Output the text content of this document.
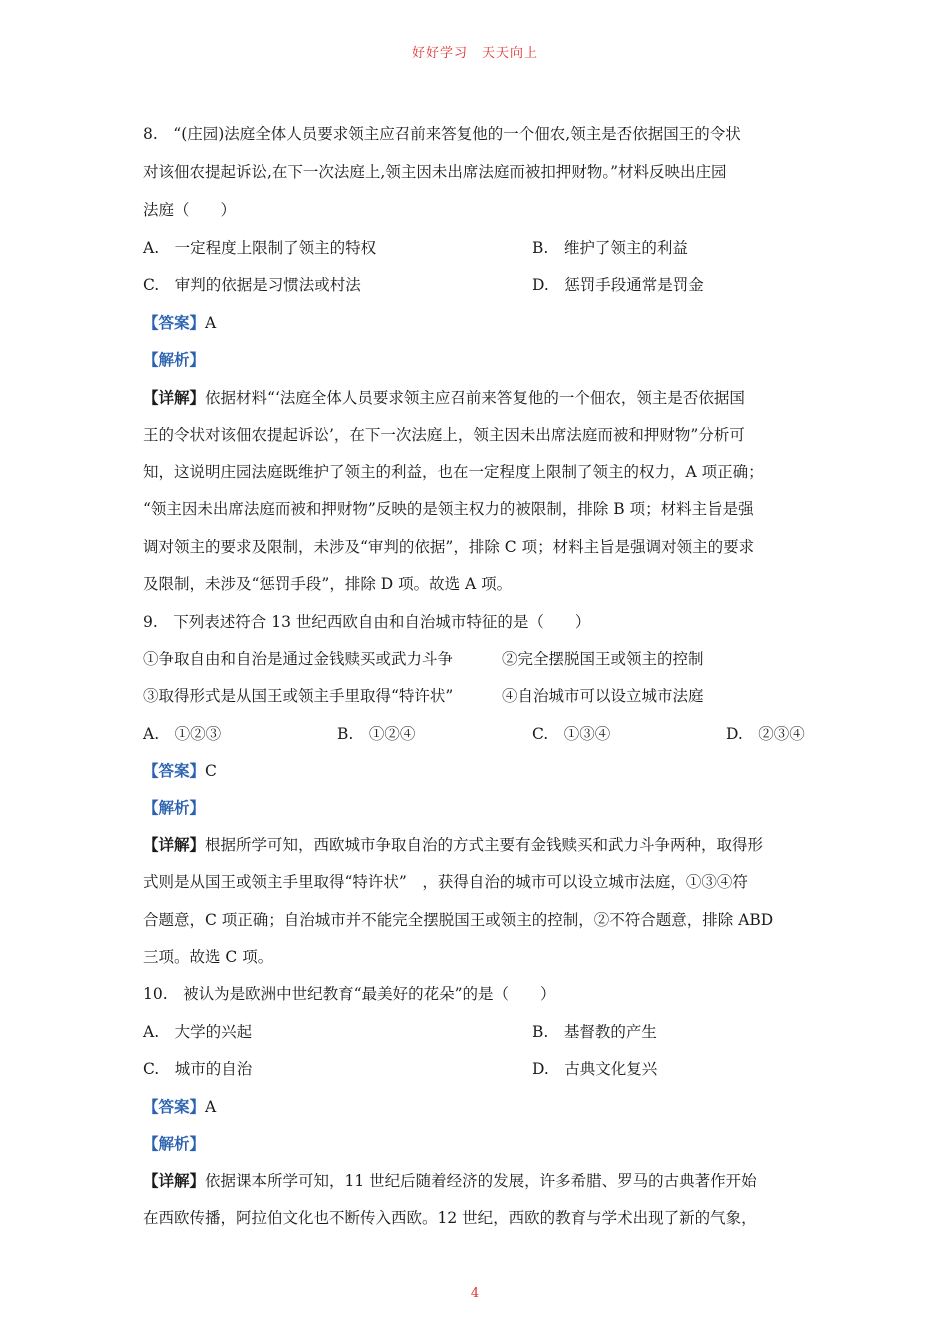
好好学习　天天向上
8.　“(庄园)法庭全体人员要求领主应召前来答复他的一个佃农,领主是否依据国王的令状
对该佃农提起诉讼,在下一次法庭上,领主因未出席法庭而被扣押财物。”材料反映出庄园
法庭（　　）
A.　一定程度上限制了领主的特权	B.　维护了领主的利益
C.　审判的依据是习惯法或村法	D.　惩罚手段通常是罚金
【答案】A
【解析】
【详解】依据材料“‘法庭全体人员要求领主应召前来答复他的一个佃农，领主是否依据国
王的令状对该佃农提起诉讼’，在下一次法庭上，领主因未出席法庭而被和押财物”分析可
知，这说明庄园法庭既维护了领主的利益，也在一定程度上限制了领主的权力，A 项正确；
“领主因未出席法庭而被和押财物”反映的是领主权力的被限制，排除 B 项；材料主旨是强
调对领主的要求及限制，未涉及“审判的依据”，排除 C 项；材料主旨是强调对领主的要求
及限制，未涉及“惩罚手段”，排除 D 项。故选 A 项。
9.　下列表述符合 13 世纪西欧自由和自治城市特征的是（　　）
①争取自由和自治是通过金钱赎买或武力斗争	②完全摆脱国王或领主的控制
③取得形式是从国王或领主手里取得“特许状”	④自治城市可以设立城市法庭
A.　①②③	B.　①②④	C.　①③④	D.　②③④
【答案】C
【解析】
【详解】根据所学可知，西欧城市争取自治的方式主要有金钱赎买和武力斗争两种，取得形
式则是从国王或领主手里取得“特许状”　，获得自治的城市可以设立城市法庭，①③④符
合题意，C 项正确；自治城市并不能完全摆脱国王或领主的控制，②不符合题意，排除 ABD
三项。故选 C 项。
10.　被认为是欧洲中世纪教育“最美好的花朵”的是（　　）
A.　大学的兴起	B.　基督教的产生
C.　城市的自治	D.　古典文化复兴
【答案】A
【解析】
【详解】依据课本所学可知，11 世纪后随着经济的发展，许多希腊、罗马的古典著作开始
在西欧传播，阿拉伯文化也不断传入西欧。12 世纪，西欧的教育与学术出现了新的气象，
4
